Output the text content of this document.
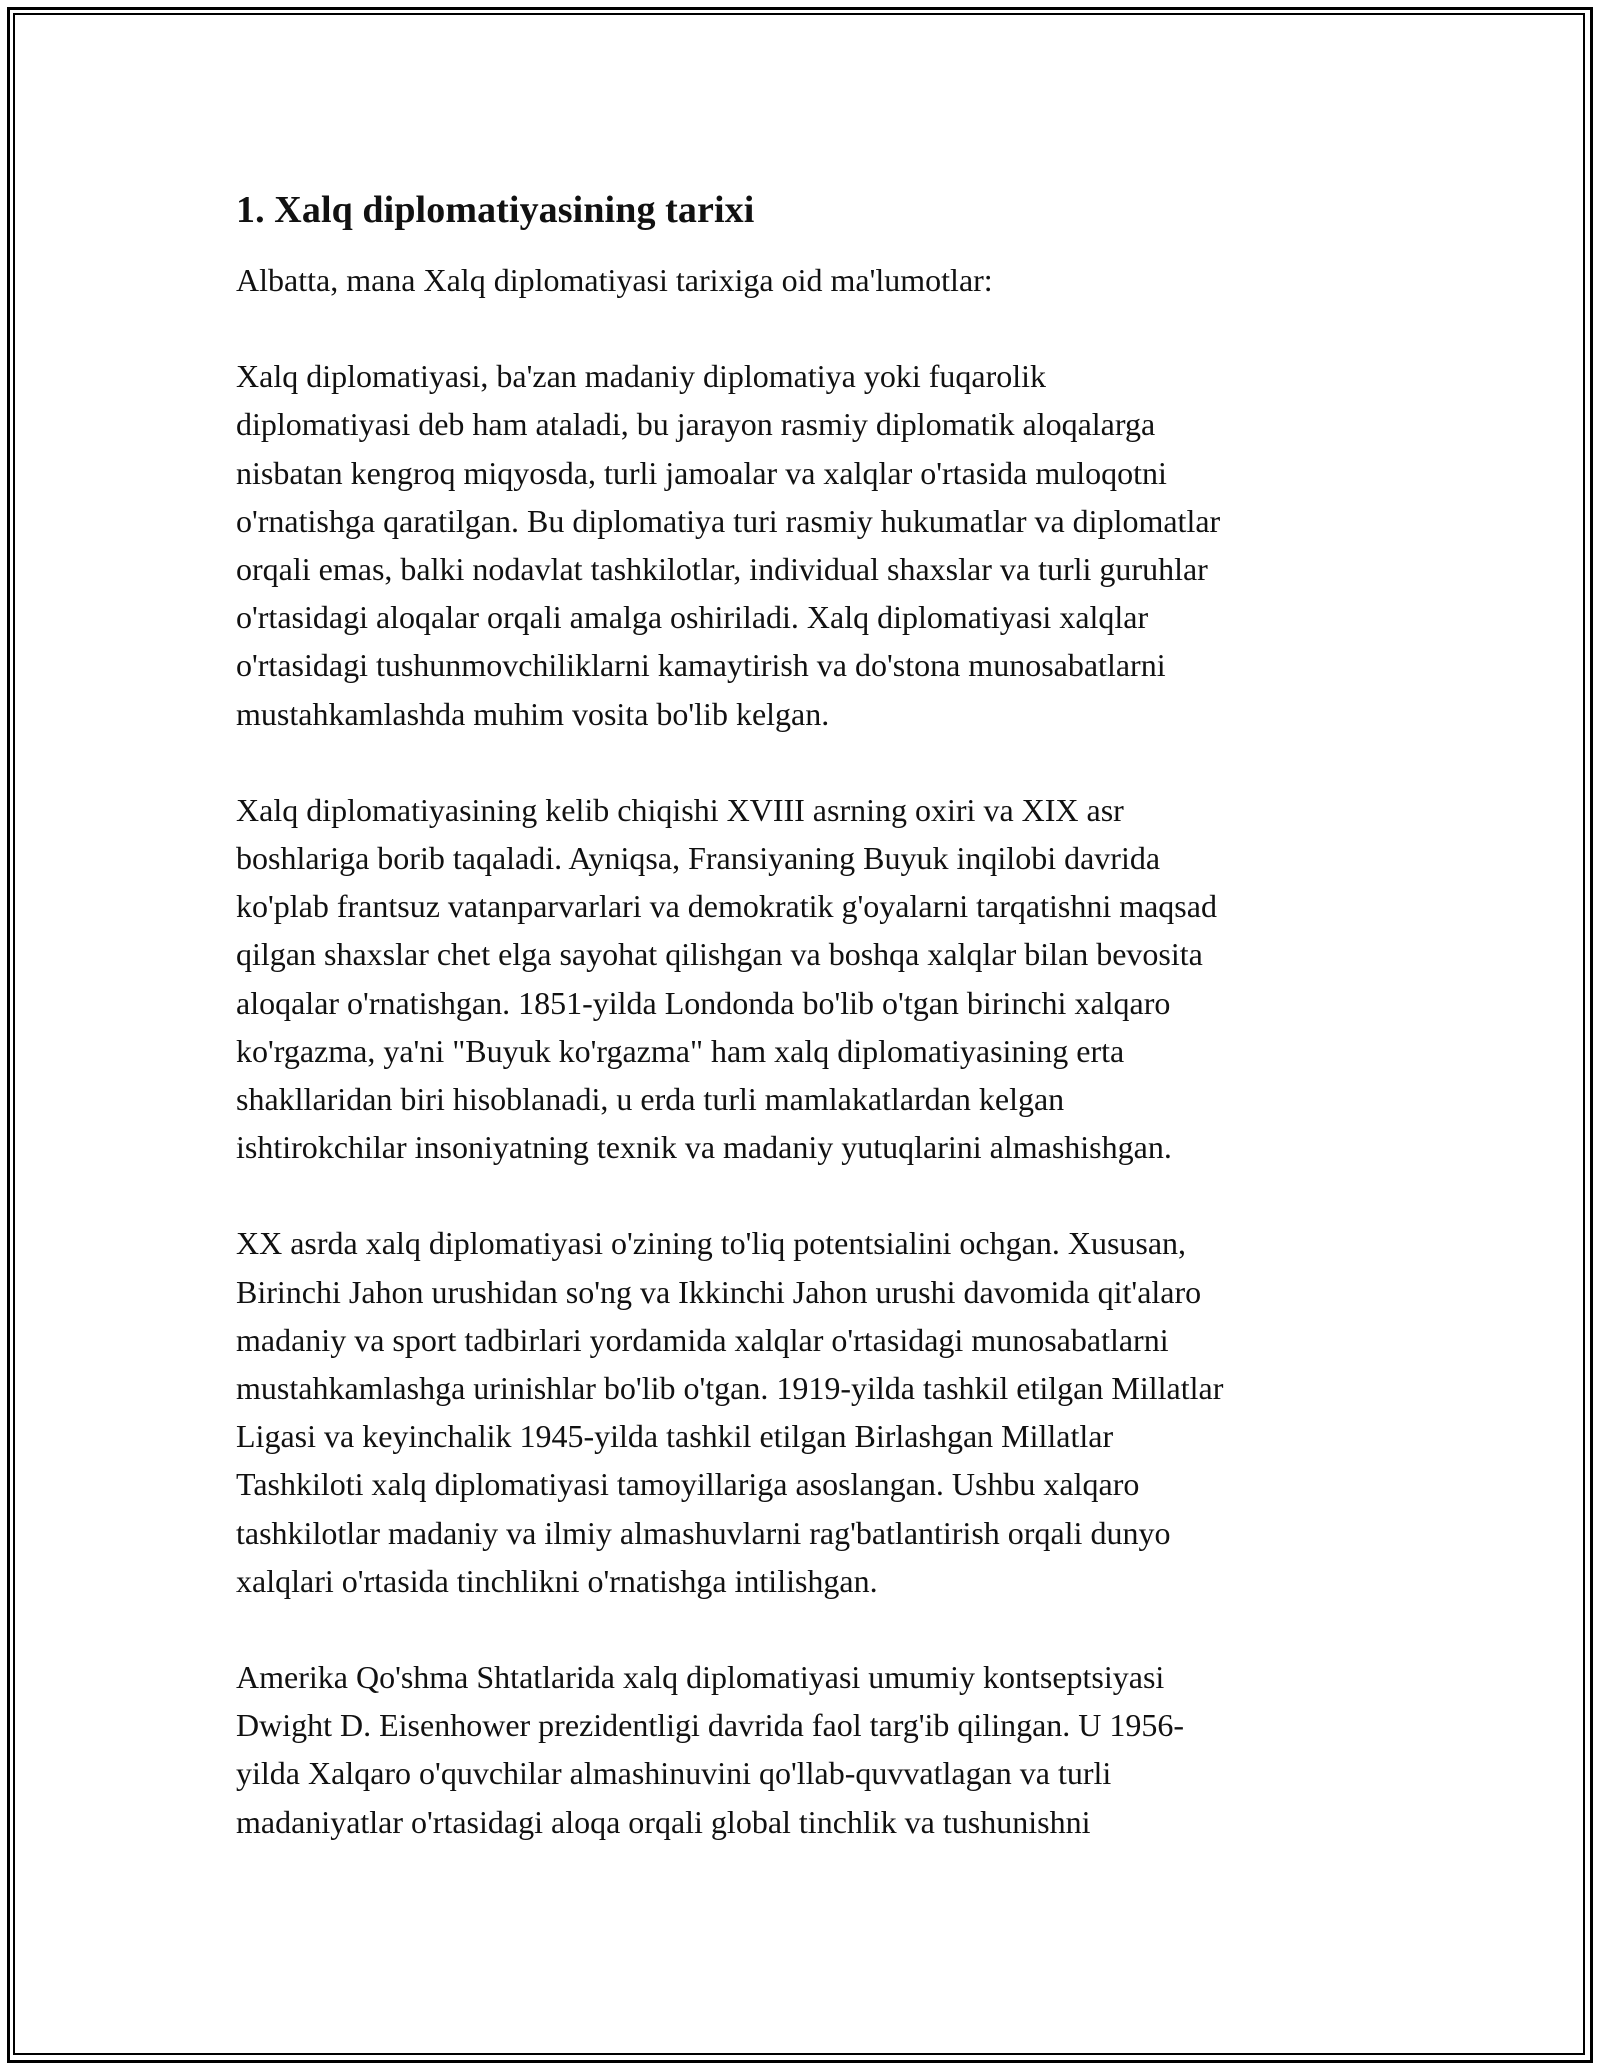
1. Xalq diplomatiyasining tarixi

Albatta, mana Xalq diplomatiyasi tarixiga oid ma'lumotlar:

Xalq diplomatiyasi, ba'zan madaniy diplomatiya yoki fuqarolik
diplomatiyasi deb ham ataladi, bu jarayon rasmiy diplomatik aloqalarga
nisbatan kengroq miqyosda, turli jamoalar va xalqlar o'rtasida muloqotni
o'rnatishga qaratilgan. Bu diplomatiya turi rasmiy hukumatlar va diplomatlar
orqali emas, balki nodavlat tashkilotlar, individual shaxslar va turli guruhlar
o'rtasidagi aloqalar orqali amalga oshiriladi. Xalq diplomatiyasi xalqlar
o'rtasidagi tushunmovchiliklarni kamaytirish va do'stona munosabatlarni
mustahkamlashda muhim vosita bo'lib kelgan.

Xalq diplomatiyasining kelib chiqishi XVIII asrning oxiri va XIX asr
boshlariga borib taqaladi. Ayniqsa, Fransiyaning Buyuk inqilobi davrida
ko'plab frantsuz vatanparvarlari va demokratik g'oyalarni tarqatishni maqsad
qilgan shaxslar chet elga sayohat qilishgan va boshqa xalqlar bilan bevosita
aloqalar o'rnatishgan. 1851-yilda Londonda bo'lib o'tgan birinchi xalqaro
ko'rgazma, ya'ni "Buyuk ko'rgazma" ham xalq diplomatiyasining erta
shakllaridan biri hisoblanadi, u erda turli mamlakatlardan kelgan
ishtirokchilar insoniyatning texnik va madaniy yutuqlarini almashishgan.

XX asrda xalq diplomatiyasi o'zining to'liq potentsialini ochgan. Xususan,
Birinchi Jahon urushidan so'ng va Ikkinchi Jahon urushi davomida qit'alaro
madaniy va sport tadbirlari yordamida xalqlar o'rtasidagi munosabatlarni
mustahkamlashga urinishlar bo'lib o'tgan. 1919-yilda tashkil etilgan Millatlar
Ligasi va keyinchalik 1945-yilda tashkil etilgan Birlashgan Millatlar
Tashkiloti xalq diplomatiyasi tamoyillariga asoslangan. Ushbu xalqaro
tashkilotlar madaniy va ilmiy almashuvlarni rag'batlantirish orqali dunyo
xalqlari o'rtasida tinchlikni o'rnatishga intilishgan.

Amerika Qo'shma Shtatlarida xalq diplomatiyasi umumiy kontseptsiyasi
Dwight D. Eisenhower prezidentligi davrida faol targ'ib qilingan. U 1956-
yilda Xalqaro o'quvchilar almashinuvini qo'llab-quvvatlagan va turli
madaniyatlar o'rtasidagi aloqa orqali global tinchlik va tushunishni
